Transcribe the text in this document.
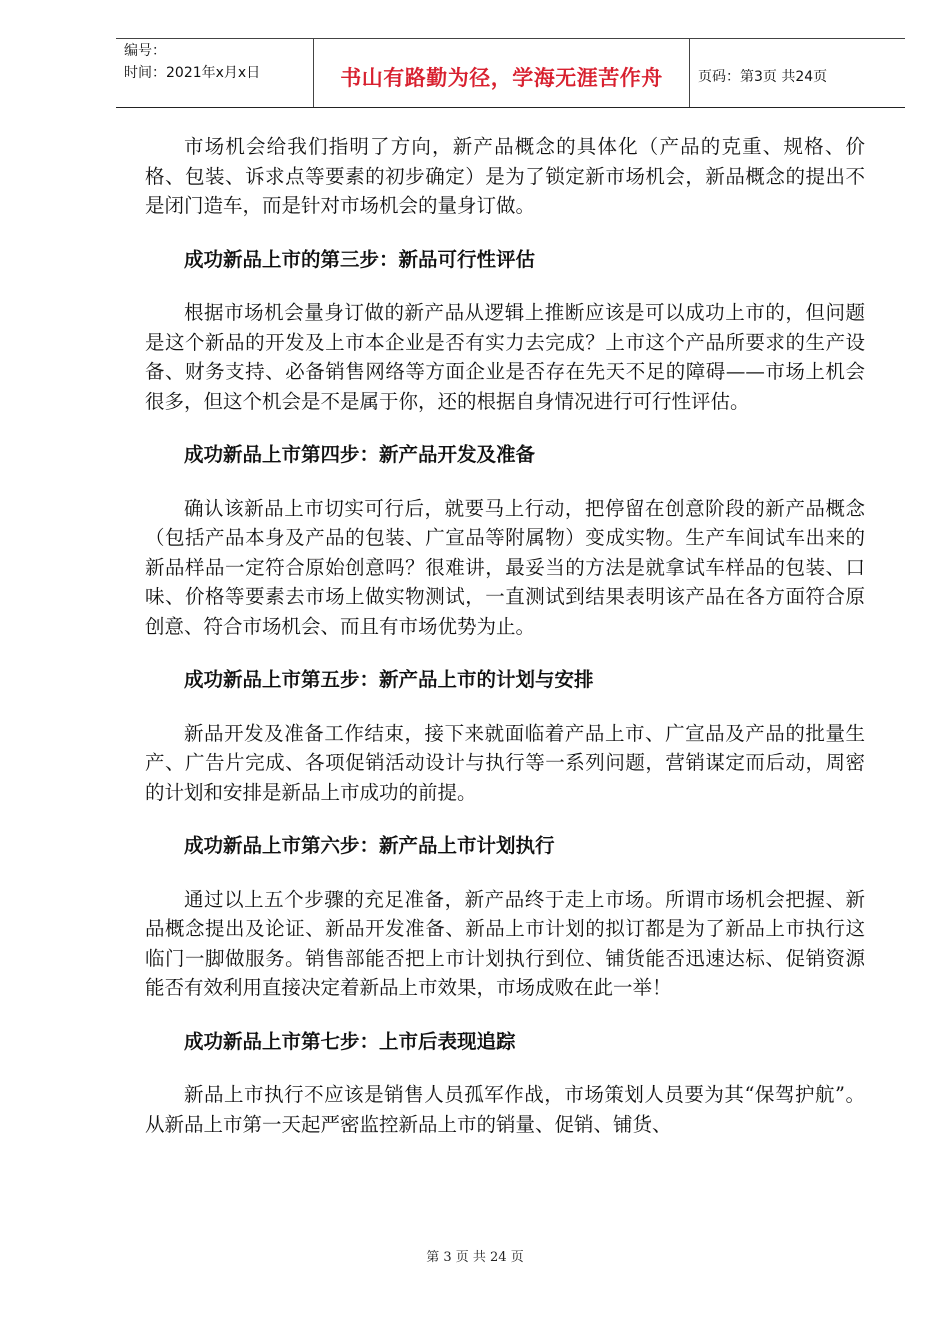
编号：
时间：2021年x月x日	书山有路勤为径，学海无涯苦作舟	页码：第3页 共24页

市场机会给我们指明了方向，新产品概念的具体化（产品的克重、规格、价格、包装、诉求点等要素的初步确定）是为了锁定新市场机会，新品概念的提出不是闭门造车，而是针对市场机会的量身订做。

成功新品上市的第三步：新品可行性评估

根据市场机会量身订做的新产品从逻辑上推断应该是可以成功上市的，但问题是这个新品的开发及上市本企业是否有实力去完成？上市这个产品所要求的生产设备、财务支持、必备销售网络等方面企业是否存在先天不足的障碍——市场上机会很多，但这个机会是不是属于你，还的根据自身情况进行可行性评估。

成功新品上市第四步：新产品开发及准备

确认该新品上市切实可行后，就要马上行动，把停留在创意阶段的新产品概念（包括产品本身及产品的包装、广宣品等附属物）变成实物。生产车间试车出来的新品样品一定符合原始创意吗？很难讲，最妥当的方法是就拿试车样品的包装、口味、价格等要素去市场上做实物测试，一直测试到结果表明该产品在各方面符合原创意、符合市场机会、而且有市场优势为止。

成功新品上市第五步：新产品上市的计划与安排

新品开发及准备工作结束，接下来就面临着产品上市、广宣品及产品的批量生产、广告片完成、各项促销活动设计与执行等一系列问题，营销谋定而后动，周密的计划和安排是新品上市成功的前提。

成功新品上市第六步：新产品上市计划执行

通过以上五个步骤的充足准备，新产品终于走上市场。所谓市场机会把握、新品概念提出及论证、新品开发准备、新品上市计划的拟订都是为了新品上市执行这临门一脚做服务。销售部能否把上市计划执行到位、铺货能否迅速达标、促销资源能否有效利用直接决定着新品上市效果，市场成败在此一举！

成功新品上市第七步：上市后表现追踪

新品上市执行不应该是销售人员孤军作战，市场策划人员要为其“保驾护航”。从新品上市第一天起严密监控新品上市的销量、促销、铺货、

第 3 页 共 24 页
